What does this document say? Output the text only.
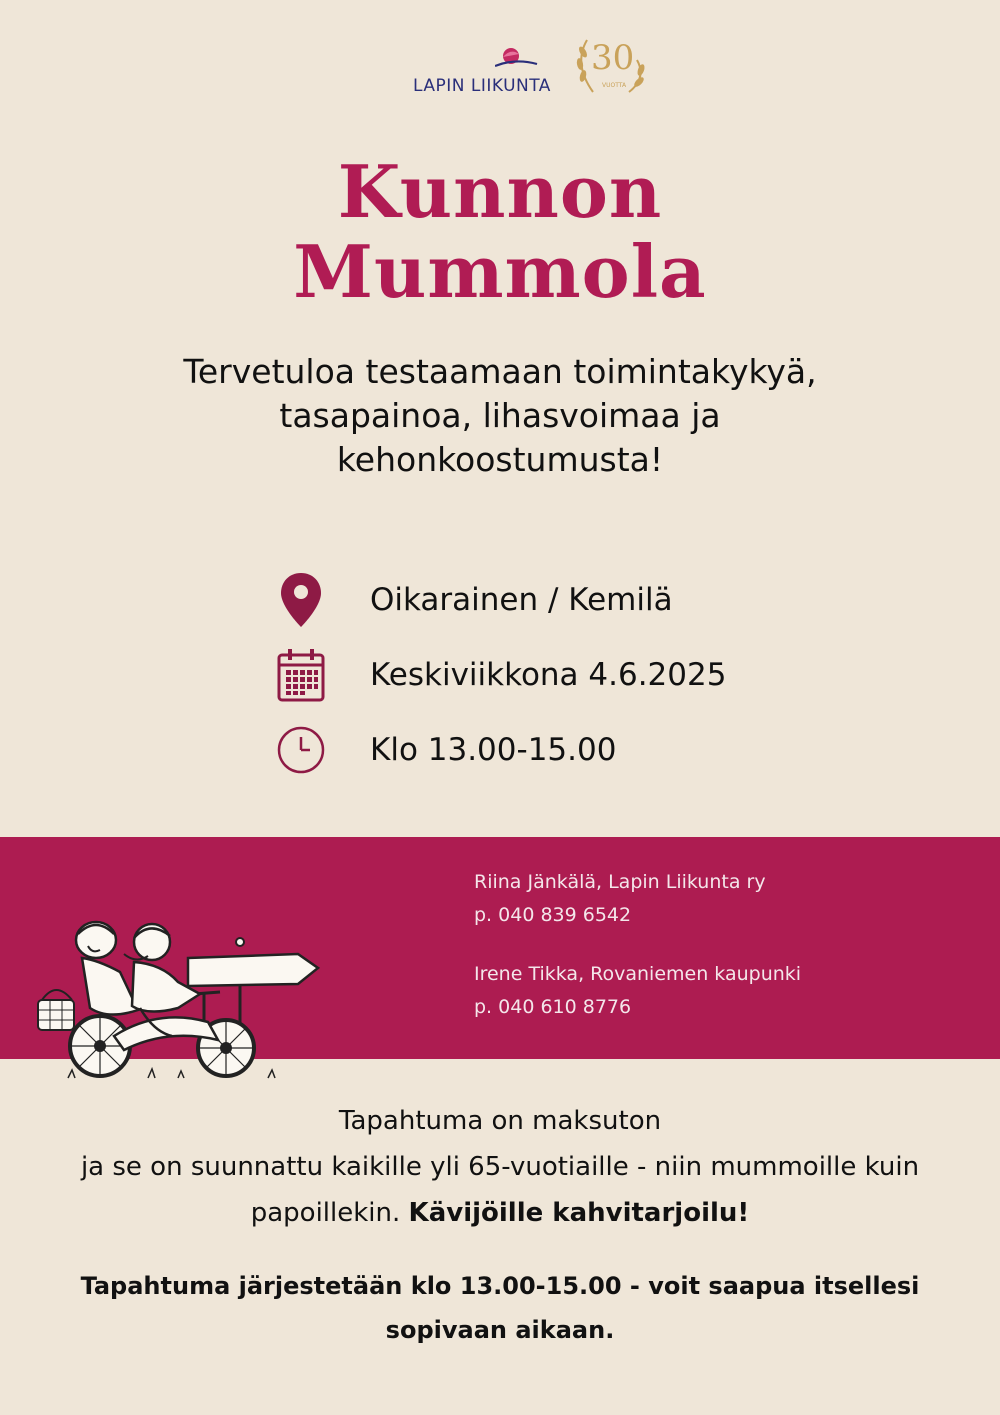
LAPIN LIIKUNTA
30
VUOTTA
Kunnon
Mummola
Tervetuloa testaamaan toimintakykyä,
tasapainoa, lihasvoimaa ja
kehonkoostumusta!
Oikarainen / Kemilä
Keskiviikkona 4.6.2025
Klo 13.00-15.00
Riina Jänkälä, Lapin Liikunta ry
p. 040 839 6542
Irene Tikka, Rovaniemen kaupunki
p. 040 610 8776
Tapahtuma on maksuton
ja se on suunnattu kaikille yli 65-vuotiaille - niin mummoille kuin
papoillekin. Kävijöille kahvitarjoilu!
Tapahtuma järjestetään klo 13.00-15.00 - voit saapua itsellesi
sopivaan aikaan.
